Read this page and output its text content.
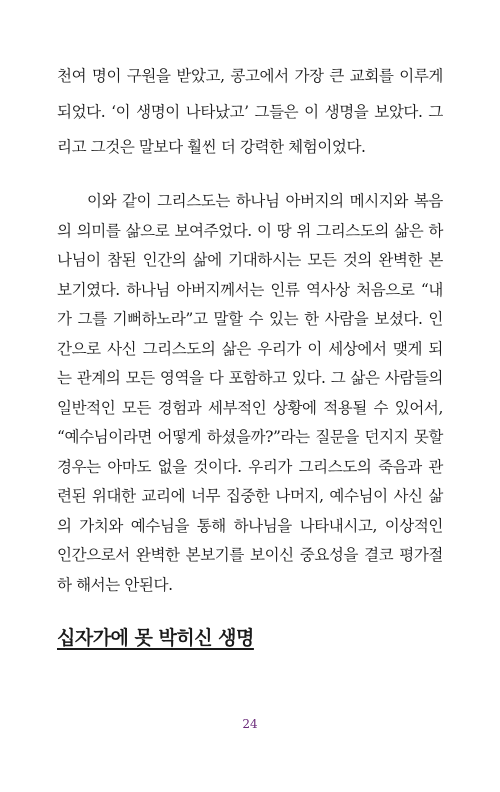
천여 명이 구원을 받았고, 콩고에서 가장 큰 교회를 이루게
되었다. ‘이 생명이 나타났고’ 그들은 이 생명을 보았다. 그
리고 그것은 말보다 훨씬 더 강력한 체험이었다.
이와 같이 그리스도는 하나님 아버지의 메시지와 복음
의 의미를 삶으로 보여주었다. 이 땅 위 그리스도의 삶은 하
나님이 참된 인간의 삶에 기대하시는 모든 것의 완벽한 본
보기였다. 하나님 아버지께서는 인류 역사상 처음으로 “내
가 그를 기뻐하노라”고 말할 수 있는 한 사람을 보셨다. 인
간으로 사신 그리스도의 삶은 우리가 이 세상에서 맺게 되
는 관계의 모든 영역을 다 포함하고 있다. 그 삶은 사람들의
일반적인 모든 경험과 세부적인 상황에 적용될 수 있어서,
“예수님이라면 어떻게 하셨을까?”라는 질문을 던지지 못할
경우는 아마도 없을 것이다. 우리가 그리스도의 죽음과 관
련된 위대한 교리에 너무 집중한 나머지, 예수님이 사신 삶
의 가치와 예수님을 통해 하나님을 나타내시고, 이상적인
인간으로서 완벽한 본보기를 보이신 중요성을 결코 평가절
하 해서는 안된다.
십자가에 못 박히신 생명
24
